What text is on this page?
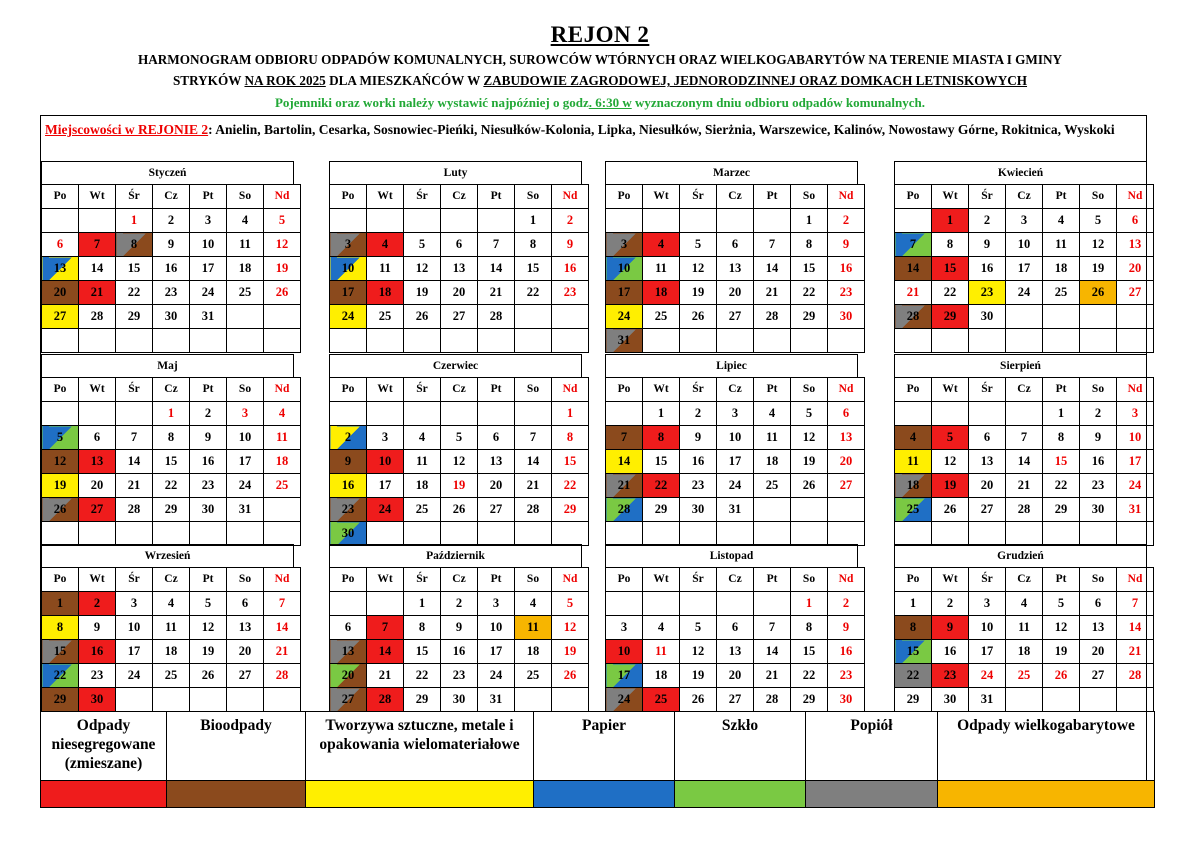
REJON 2
HARMONOGRAM ODBIORU ODPADÓW KOMUNALNYCH, SUROWCÓW WTÓRNYCH ORAZ WIELKOGABARYTÓW NA TERENIE MIASTA I GMINY
STRYKÓW NA ROK 2025 DLA MIESZKAŃCÓW W ZABUDOWIE ZAGRODOWEJ, JEDNORODZINNEJ ORAZ DOMKACH LETNISKOWYCH
Pojemniki oraz worki należy wystawić najpóźniej o godz. 6:30 w wyznaczonym dniu odbioru odpadów komunalnych.
Miejscowości w REJONIE 2: Anielin, Bartolin, Cesarka, Sosnowiec-Pieńki, Niesułków-Kolonia, Lipka, Niesułków, Sierżnia, Warszewice, Kalinów, Nowostawy Górne, Rokitnica, Wyskoki
Styczeń
Po	Wt	Śr	Cz	Pt	So	Nd
		1	2	3	4	5
6	7	8	9	10	11	12
13	14	15	16	17	18	19
20	21	22	23	24	25	26
27	28	29	30	31		

Luty
Po	Wt	Śr	Cz	Pt	So	Nd
					1	2
3	4	5	6	7	8	9
10	11	12	13	14	15	16
17	18	19	20	21	22	23
24	25	26	27	28		

Marzec
Po	Wt	Śr	Cz	Pt	So	Nd
					1	2
3	4	5	6	7	8	9
10	11	12	13	14	15	16
17	18	19	20	21	22	23
24	25	26	27	28	29	30
31						
Kwiecień
Po	Wt	Śr	Cz	Pt	So	Nd
	1	2	3	4	5	6
7	8	9	10	11	12	13
14	15	16	17	18	19	20
21	22	23	24	25	26	27
28	29	30				

Maj
Po	Wt	Śr	Cz	Pt	So	Nd
			1	2	3	4
5	6	7	8	9	10	11
12	13	14	15	16	17	18
19	20	21	22	23	24	25
26	27	28	29	30	31	

Czerwiec
Po	Wt	Śr	Cz	Pt	So	Nd
						1
2	3	4	5	6	7	8
9	10	11	12	13	14	15
16	17	18	19	20	21	22
23	24	25	26	27	28	29
30						
Lipiec
Po	Wt	Śr	Cz	Pt	So	Nd
	1	2	3	4	5	6
7	8	9	10	11	12	13
14	15	16	17	18	19	20
21	22	23	24	25	26	27
28	29	30	31			

Sierpień
Po	Wt	Śr	Cz	Pt	So	Nd
				1	2	3
4	5	6	7	8	9	10
11	12	13	14	15	16	17
18	19	20	21	22	23	24
25	26	27	28	29	30	31

Wrzesień
Po	Wt	Śr	Cz	Pt	So	Nd
1	2	3	4	5	6	7
8	9	10	11	12	13	14
15	16	17	18	19	20	21
22	23	24	25	26	27	28
29	30					
Październik
Po	Wt	Śr	Cz	Pt	So	Nd
		1	2	3	4	5
6	7	8	9	10	11	12
13	14	15	16	17	18	19
20	21	22	23	24	25	26
27	28	29	30	31		
Listopad
Po	Wt	Śr	Cz	Pt	So	Nd
					1	2
3	4	5	6	7	8	9
10	11	12	13	14	15	16
17	18	19	20	21	22	23
24	25	26	27	28	29	30
Grudzień
Po	Wt	Śr	Cz	Pt	So	Nd
1	2	3	4	5	6	7
8	9	10	11	12	13	14
15	16	17	18	19	20	21
22	23	24	25	26	27	28
29	30	31				
Odpady niesegregowane (zmieszane)	Bioodpady	Tworzywa sztuczne, metale i opakowania wielomateriałowe	Papier	Szkło	Popiół	Odpady wielkogabarytowe
